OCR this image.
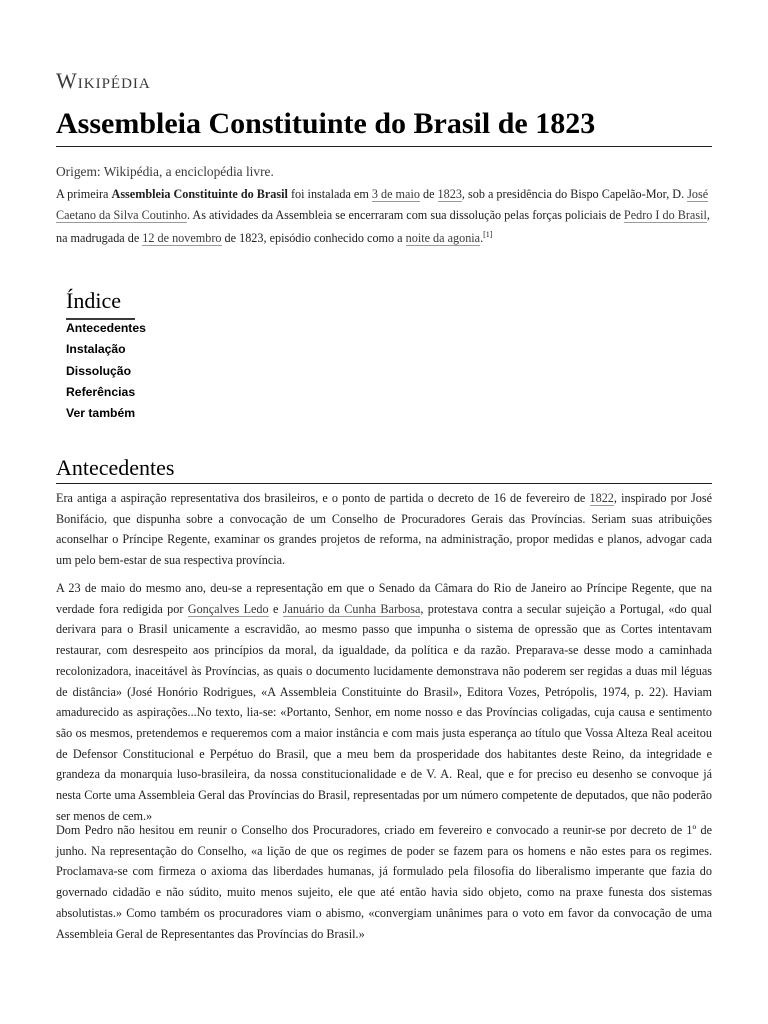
Wikipédia
Assembleia Constituinte do Brasil de 1823
Origem: Wikipédia, a enciclopédia livre.

A primeira Assembleia Constituinte do Brasil foi instalada em 3 de maio de 1823, sob a presidência do Bispo Capelão-Mor, D. José Caetano da Silva Coutinho. As atividades da Assembleia se encerraram com sua dissolução pelas forças policiais de Pedro I do Brasil, na madrugada de 12 de novembro de 1823, episódio conhecido como a noite da agonia.[1]

Índice
Antecedentes
Instalação
Dissolução
Referências
Ver também
Antecedentes

Era antiga a aspiração representativa dos brasileiros, e o ponto de partida o decreto de 16 de fevereiro de 1822, inspirado por José Bonifácio, que dispunha sobre a convocação de um Conselho de Procuradores Gerais das Províncias. Seriam suas atribuições aconselhar o Príncipe Regente, examinar os grandes projetos de reforma, na administração, propor medidas e planos, advogar cada um pelo bem-estar de sua respectiva província.

A 23 de maio do mesmo ano, deu-se a representação em que o Senado da Câmara do Rio de Janeiro ao Príncipe Regente, que na verdade fora redigida por Gonçalves Ledo e Januário da Cunha Barbosa, protestava contra a secular sujeição a Portugal, «do qual derivara para o Brasil unicamente a escravidão, ao mesmo passo que impunha o sistema de opressão que as Cortes intentavam restaurar, com desrespeito aos princípios da moral, da igualdade, da política e da razão. Preparava-se desse modo a caminhada recolonizadora, inaceitável às Províncias, as quais o documento lucidamente demonstrava não poderem ser regidas a duas mil léguas de distância» (José Honório Rodrigues, «A Assembleia Constituinte do Brasil», Editora Vozes, Petrópolis, 1974, p. 22). Haviam amadurecido as aspirações...No texto, lia-se: «Portanto, Senhor, em nome nosso e das Províncias coligadas, cuja causa e sentimento são os mesmos, pretendemos e requeremos com a maior instância e com mais justa esperança ao título que Vossa Alteza Real aceitou de Defensor Constitucional e Perpétuo do Brasil, que a meu bem da prosperidade dos habitantes deste Reino, da integridade e grandeza da monarquia luso-brasileira, da nossa constitucionalidade e de V. A. Real, que e for preciso eu desenho se convoque já nesta Corte uma Assembleia Geral das Províncias do Brasil, representadas por um número competente de deputados, que não poderão ser menos de cem.»

Dom Pedro não hesitou em reunir o Conselho dos Procuradores, criado em fevereiro e convocado a reunir-se por decreto de 1º de junho. Na representação do Conselho, «a lição de que os regimes de poder se fazem para os homens e não estes para os regimes. Proclamava-se com firmeza o axioma das liberdades humanas, já formulado pela filosofia do liberalismo imperante que fazia do governado cidadão e não súdito, muito menos sujeito, ele que até então havia sido objeto, como na praxe funesta dos sistemas absolutistas.» Como também os procuradores viam o abismo, «convergiam unânimes para o voto em favor da convocação de uma Assembleia Geral de Representantes das Províncias do Brasil.»
